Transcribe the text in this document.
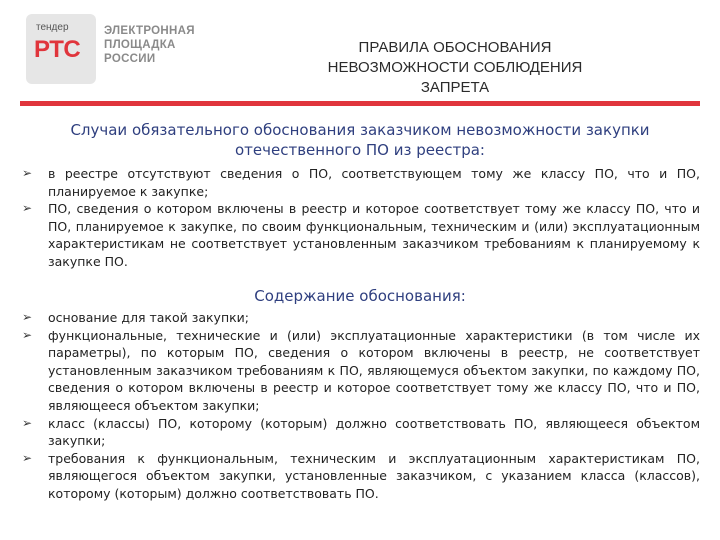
тендер
РТС
ЭЛЕКТРОННАЯ
ПЛОЩАДКА
РОССИИ
ПРАВИЛА ОБОСНОВАНИЯ
НЕВОЗМОЖНОСТИ СОБЛЮДЕНИЯ
ЗАПРЕТА
Случаи обязательного обоснования заказчиком невозможности закупки
отечественного ПО из реестра:
➢ в реестре отсутствуют сведения о ПО, соответствующем тому же классу ПО, что и ПО, планируемое к закупке;
➢ ПО, сведения о котором включены в реестр и которое соответствует тому же классу ПО, что и ПО, планируемое к закупке, по своим функциональным, техническим и (или) эксплуатационным характеристикам не соответствует установленным заказчиком требованиям к планируемому к закупке ПО.
Содержание обоснования:
➢ основание для такой закупки;
➢ функциональные, технические и (или) эксплуатационные характеристики (в том числе их параметры), по которым ПО, сведения о котором включены в реестр, не соответствует установленным заказчиком требованиям к ПО, являющемуся объектом закупки, по каждому ПО, сведения о котором включены в реестр и которое соответствует тому же классу ПО, что и ПО, являющееся объектом закупки;
➢ класс (классы) ПО, которому (которым) должно соответствовать ПО, являющееся объектом закупки;
➢ требования к функциональным, техническим и эксплуатационным характеристикам ПО, являющегося объектом закупки, установленные заказчиком, с указанием класса (классов), которому (которым) должно соответствовать ПО.
